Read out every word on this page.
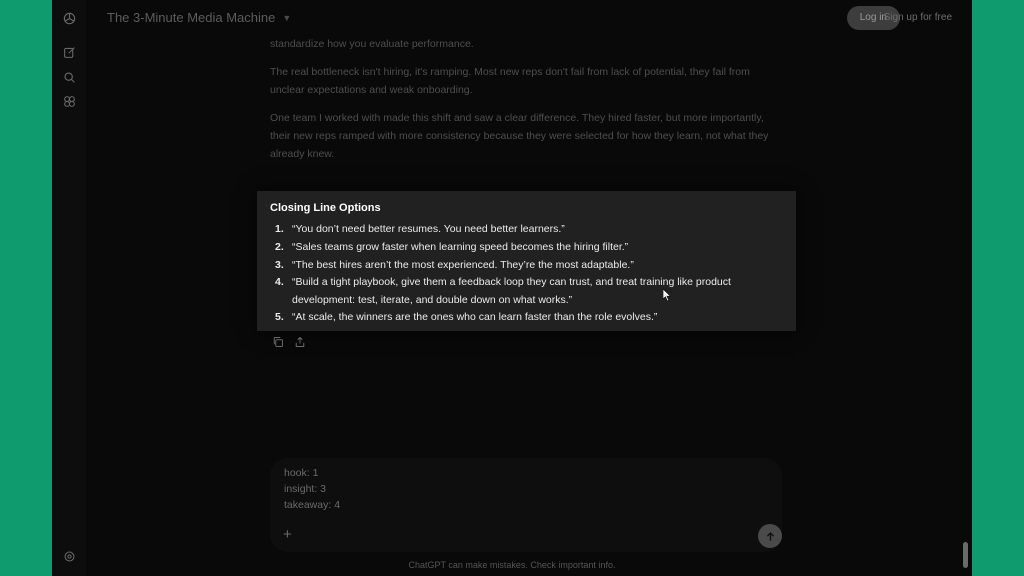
The 3-Minute Media Machine ▼	Log in
Sign up for free

standardize how you evaluate performance.

The real bottleneck isn't hiring, it's ramping. Most new reps don't fail from lack of potential, they fail from unclear expectations and weak onboarding.

One team I worked with made this shift and saw a clear difference. They hired faster, but more importantly, their new reps ramped with more consistency because they were selected for how they learn, not what they already knew.

Closing Line Options
1. “You don’t need better resumes. You need better learners.”
2. “Sales teams grow faster when learning speed becomes the hiring filter.”
3. “The best hires aren’t the most experienced. They’re the most adaptable.”
4. “Build a tight playbook, give them a feedback loop they can trust, and treat training like product development: test, iterate, and double down on what works.”
5. “At scale, the winners are the ones who can learn faster than the role evolves.”
hook: 1
insight: 3
takeaway: 4
+
ChatGPT can make mistakes. Check important info.
